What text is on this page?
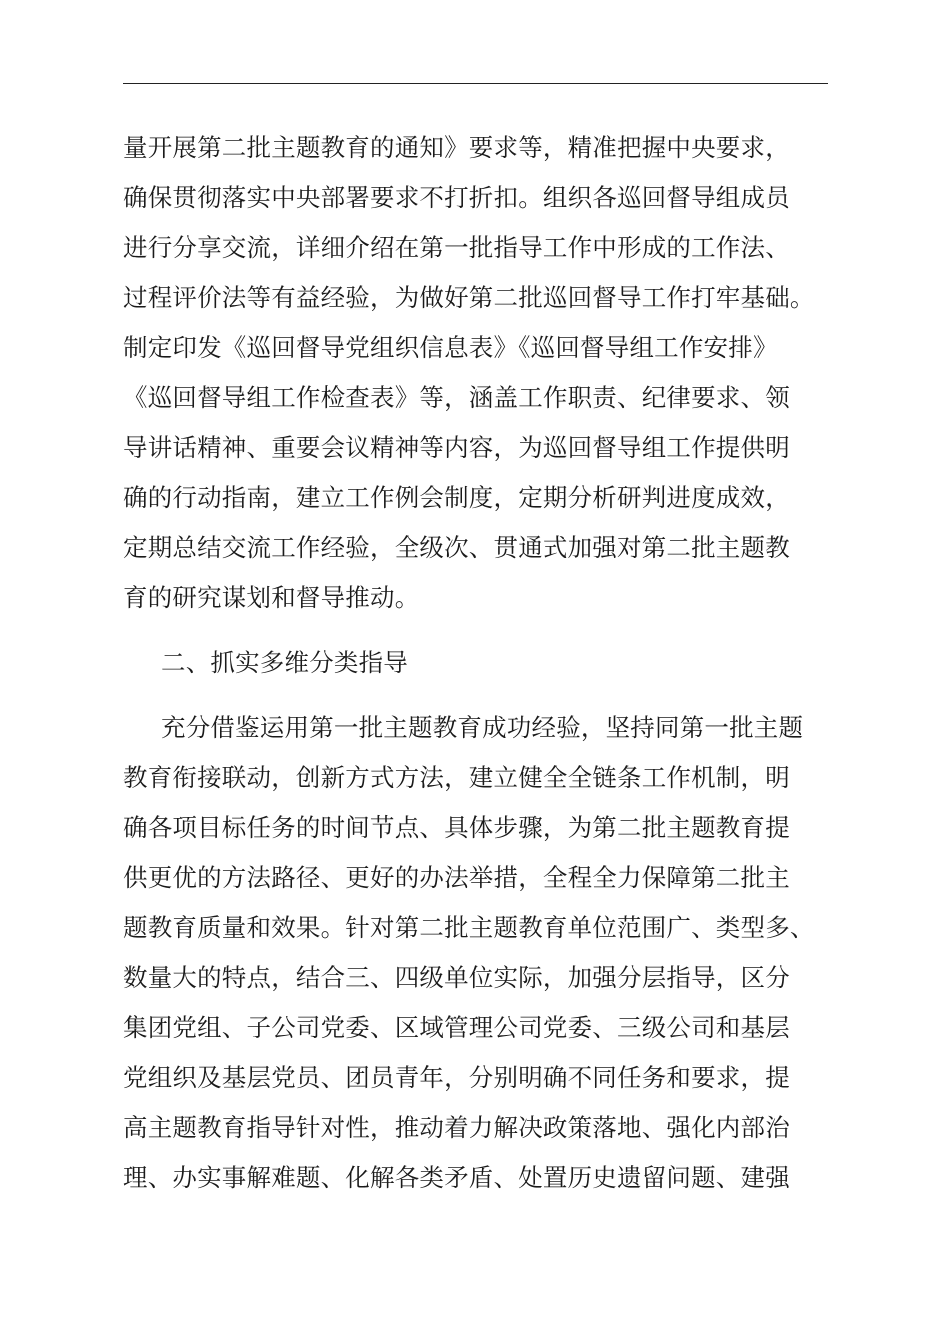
量开展第二批主题教育的通知》要求等，精准把握中央要求，
确保贯彻落实中央部署要求不打折扣。组织各巡回督导组成员
进行分享交流，详细介绍在第一批指导工作中形成的工作法、
过程评价法等有益经验，为做好第二批巡回督导工作打牢基础。
制定印发《巡回督导党组织信息表》《巡回督导组工作安排》
《巡回督导组工作检查表》等，涵盖工作职责、纪律要求、领
导讲话精神、重要会议精神等内容，为巡回督导组工作提供明
确的行动指南，建立工作例会制度，定期分析研判进度成效，
定期总结交流工作经验，全级次、贯通式加强对第二批主题教
育的研究谋划和督导推动。
二、抓实多维分类指导
充分借鉴运用第一批主题教育成功经验，坚持同第一批主题
教育衔接联动，创新方式方法，建立健全全链条工作机制，明
确各项目标任务的时间节点、具体步骤，为第二批主题教育提
供更优的方法路径、更好的办法举措，全程全力保障第二批主
题教育质量和效果。针对第二批主题教育单位范围广、类型多、
数量大的特点，结合三、四级单位实际，加强分层指导，区分
集团党组、子公司党委、区域管理公司党委、三级公司和基层
党组织及基层党员、团员青年，分别明确不同任务和要求，提
高主题教育指导针对性，推动着力解决政策落地、强化内部治
理、办实事解难题、化解各类矛盾、处置历史遗留问题、建强
